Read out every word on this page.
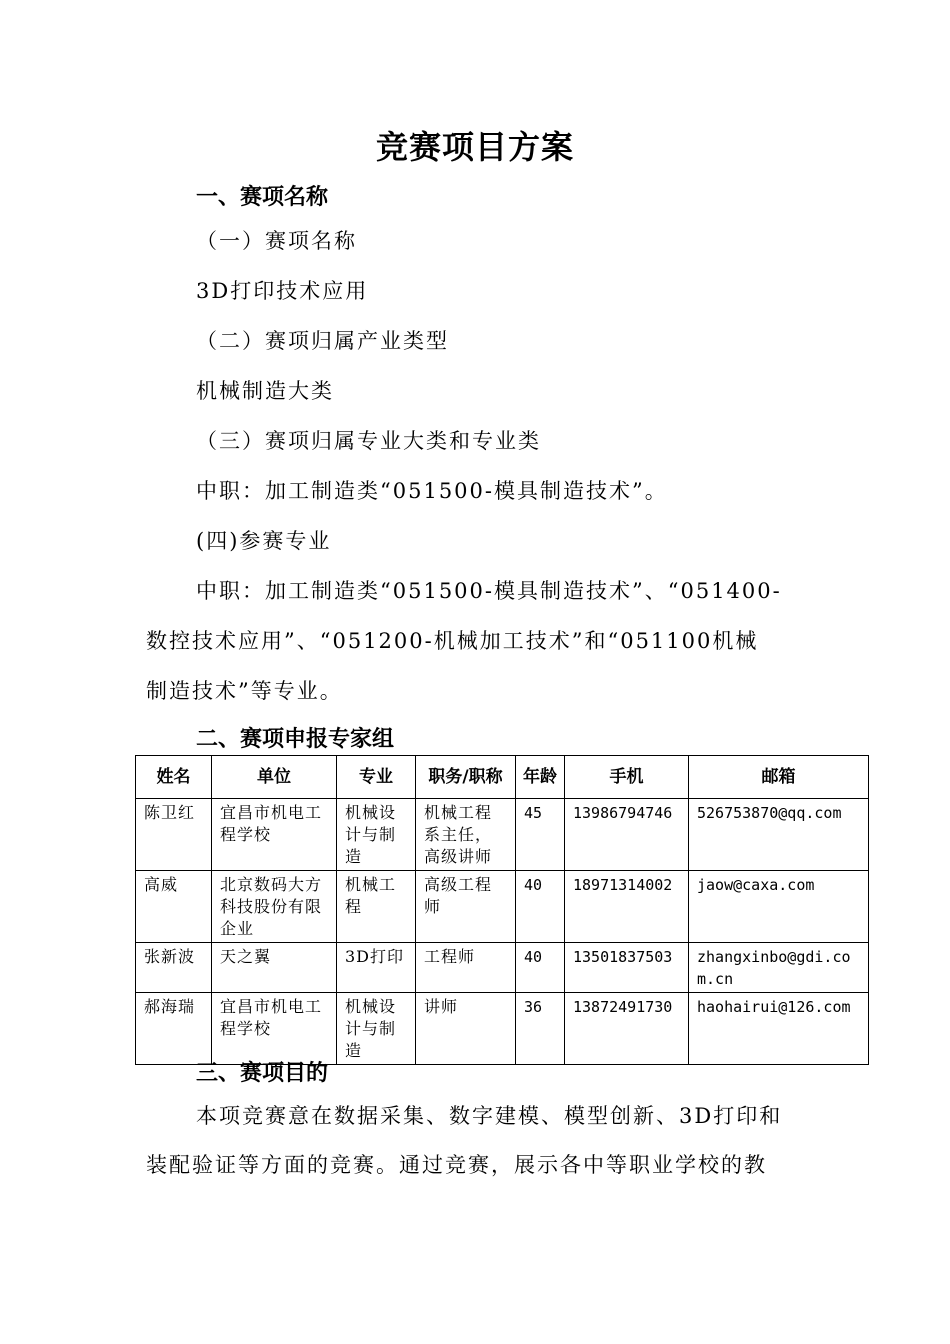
竞赛项目方案
一、赛项名称
（一）赛项名称
3D打印技术应用
（二）赛项归属产业类型
机械制造大类
（三）赛项归属专业大类和专业类
中职：加工制造类“051500-模具制造技术”。
(四)参赛专业
中职：加工制造类“051500-模具制造技术”、“051400-
数控技术应用”、“051200-机械加工技术”和“051100机械
制造技术”等专业。
二、赛项申报专家组
姓名	单位	专业	职务/职称	年龄	手机	邮箱
陈卫红	宜昌市机电工程学校	机械设计与制造	机械工程系主任，高级讲师	45	13986794746	526753870@qq.com
高威	北京数码大方科技股份有限企业	机械工程	高级工程师	40	18971314002	jaow@caxa.com
张新波	天之翼	3D打印	工程师	40	13501837503	zhangxinbo@gdi.com.cn
郝海瑞	宜昌市机电工程学校	机械设计与制造	讲师	36	13872491730	haohairui@126.com
三、赛项目的
本项竞赛意在数据采集、数字建模、模型创新、3D打印和
装配验证等方面的竞赛。通过竞赛，展示各中等职业学校的教
